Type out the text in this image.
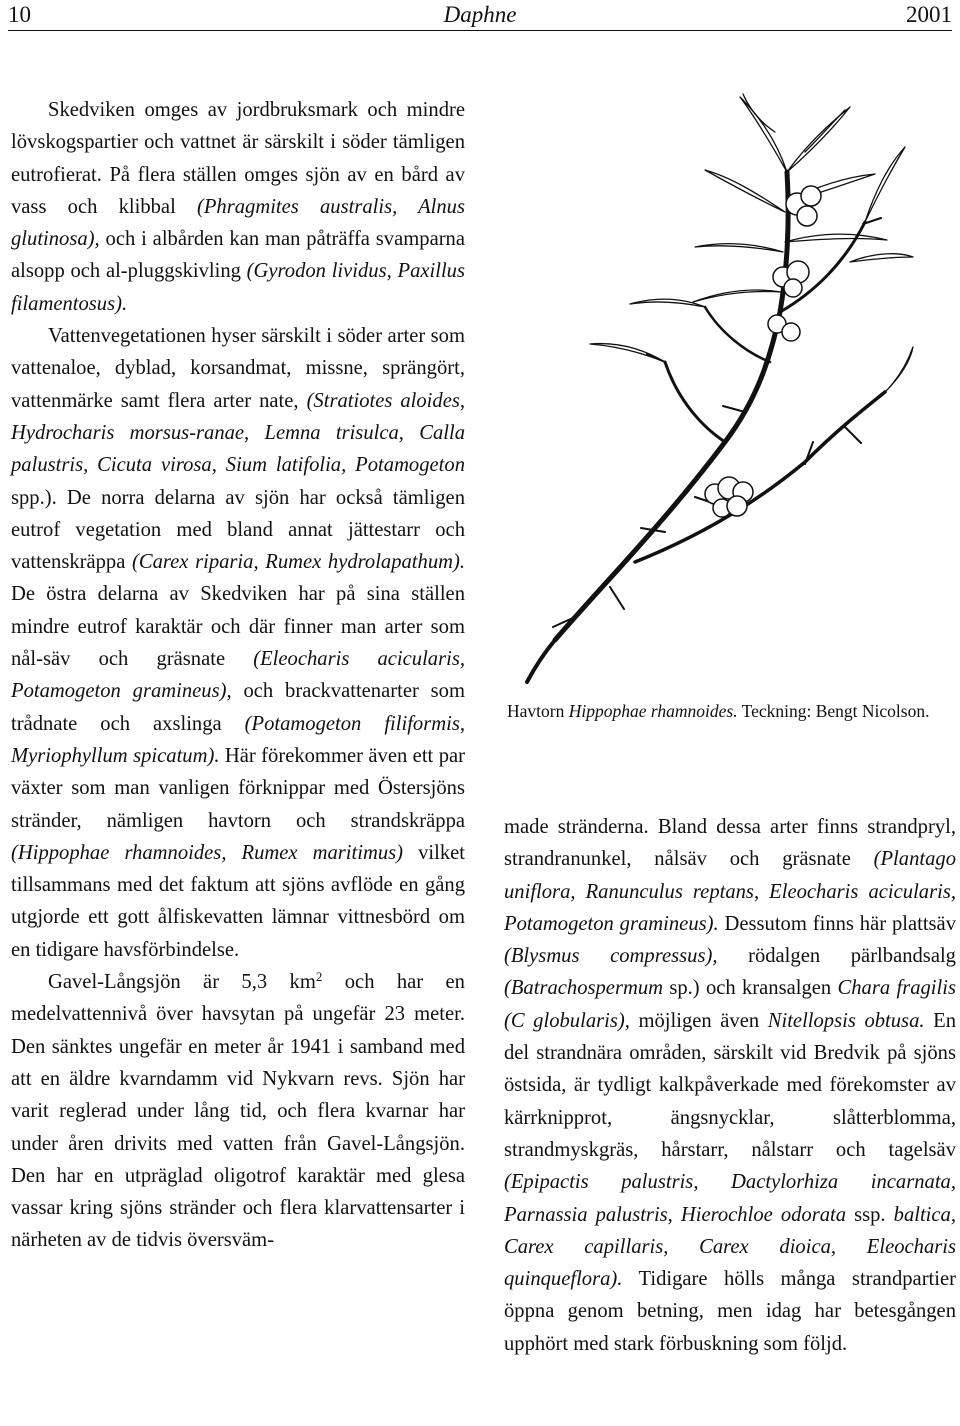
10	Daphne	2001

Skedviken omges av jordbruksmark och mindre lövskogspartier och vattnet är särskilt i söder tämligen eutrofierat. På flera ställen omges sjön av en bård av vass och klibbal (Phragmites australis, Alnus glutinosa), och i albården kan man påträffa svamparna alsopp och al-pluggskivling (Gyrodon lividus, Paxillus filamentosus).

Vattenvegetationen hyser särskilt i söder arter som vattenaloe, dyblad, korsandmat, missne, sprängört, vattenmärke samt flera arter nate, (Stratiotes aloides, Hydrocharis morsus-ranae, Lemna trisulca, Calla palustris, Cicuta virosa, Sium latifolia, Potamogeton spp.). De norra delarna av sjön har också tämligen eutrof vegetation med bland annat jättestarr och vattenskräppa (Carex riparia, Rumex hydrolapathum). De östra delarna av Skedviken har på sina ställen mindre eutrof karaktär och där finner man arter som nål-säv och gräsnate (Eleocharis acicularis, Potamogeton gramineus), och brackvattenarter som trådnate och axslinga (Potamogeton filiformis, Myriophyllum spicatum). Här förekommer även ett par växter som man vanligen förknippar med Östersjöns stränder, nämligen havtorn och strandskräppa (Hippophae rhamnoides, Rumex maritimus) vilket tillsammans med det faktum att sjöns avflöde en gång utgjorde ett gott ålfiskevatten lämnar vittnesbörd om en tidigare havsförbindelse.

Gavel-Långsjön är 5,3 $km^2$ och har en medelvattennivå över havsytan på ungefär 23 meter. Den sänktes ungefär en meter år 1941 i samband med att en äldre kvarndamm vid Nykvarn revs. Sjön har varit reglerad under lång tid, och flera kvarnar har under åren drivits med vatten från Gavel-Långsjön. Den har en utpräglad oligotrof karaktär med glesa vassar kring sjöns stränder och flera klarvattensarter i närheten av de tidvis översväm-

Havtorn Hippophae rhamnoides. Teckning: Bengt Nicolson.

made stränderna. Bland dessa arter finns strandpryl, strandranunkel, nålsäv och gräsnate (Plantago uniflora, Ranunculus reptans, Eleocharis acicularis, Potamogeton gramineus). Dessutom finns här plattsäv (Blysmus compressus), rödalgen pärlbandsalg (Batrachospermum sp.) och kransalgen Chara fragilis (C globularis), möjligen även Nitellopsis obtusa. En del strandnära områden, särskilt vid Bredvik på sjöns östsida, är tydligt kalkpåverkade med förekomster av kärrknipprot, ängsnycklar, slåtterblomma, strandmyskgräs, hårstarr, nålstarr och tagelsäv (Epipactis palustris, Dactylorhiza incarnata, Parnassia palustris, Hierochloe odorata ssp. baltica, Carex capillaris, Carex dioica, Eleocharis quinqueflora). Tidigare hölls många strandpartier öppna genom betning, men idag har betesgången upphört med stark förbuskning som följd.
